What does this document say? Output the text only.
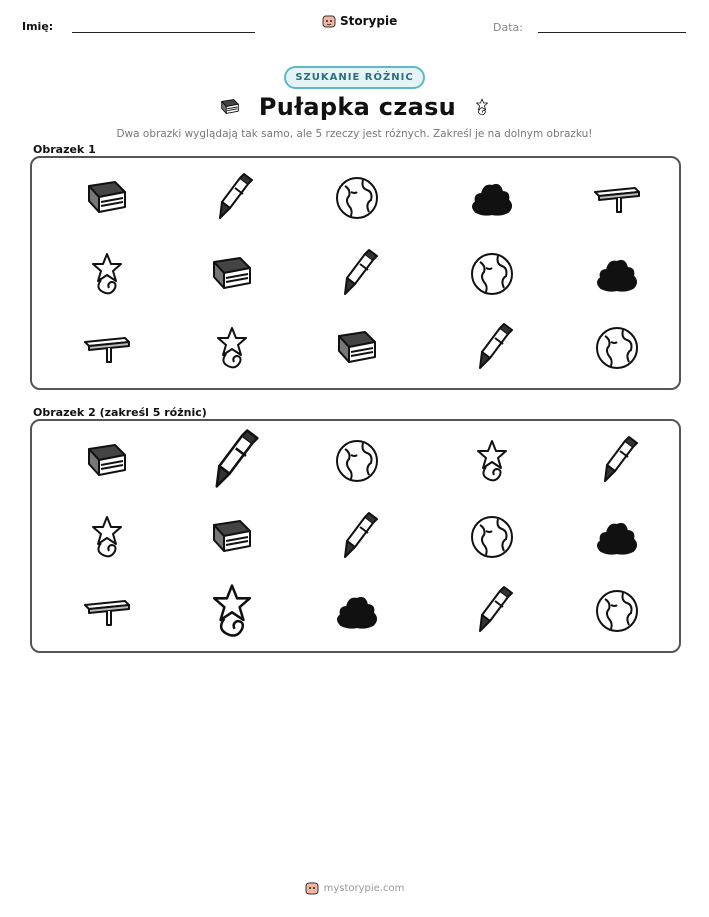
Imię:	Storypie	Data:
SZUKANIE RÓŻNIC
Pułapka czasu
Dwa obrazki wyglądają tak samo, ale 5 rzeczy jest różnych. Zakreśl je na dolnym obrazku!
Obrazek 1
Obrazek 2 (zakreśl 5 różnic)
mystorypie.com
